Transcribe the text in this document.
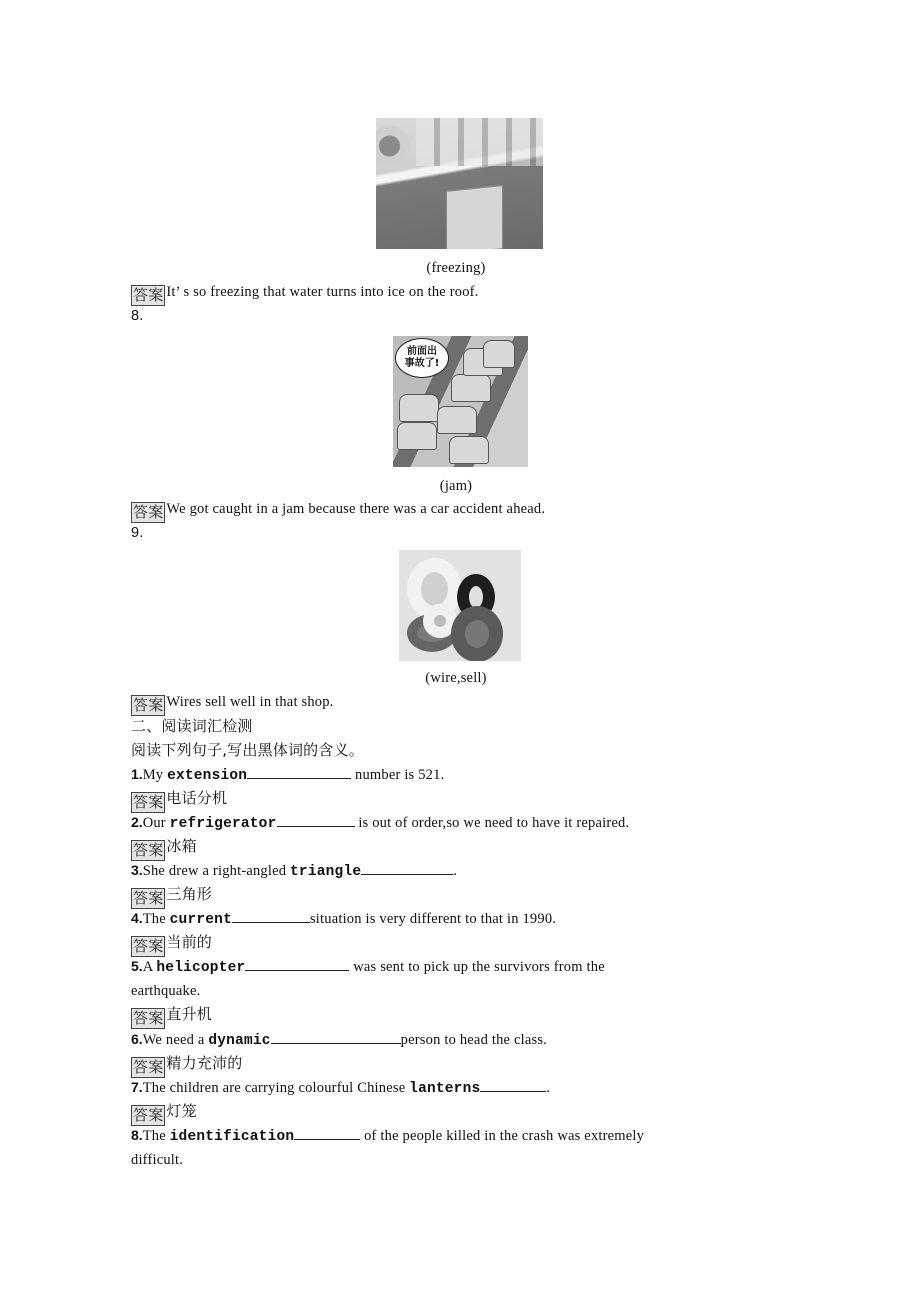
(freezing)
答案 It’ s so freezing that water turns into ice on the roof.
8.
前面出
事故了!
(jam)
答案 We got caught in a jam because there was a car accident ahead.
9.
(wire,sell)
答案 Wires sell well in that shop.
二、阅读词汇检测
阅读下列句子,写出黑体词的含义。
1.My extension	number is 521.
答案 电话分机
2.Our refrigerator	is out of order,so we need to have it repaired.
答案 冰箱
3.She drew a right-angled triangle	.
答案 三角形
4.The current	situation is very different to that in 1990.
答案 当前的
5.A helicopter	was sent to pick up the survivors from the
earthquake.
答案 直升机
6.We need a dynamic	person to head the class.
答案 精力充沛的
7.The children are carrying colourful Chinese lanterns	.
答案 灯笼
8.The identification	of the people killed in the crash was extremely
difficult.
